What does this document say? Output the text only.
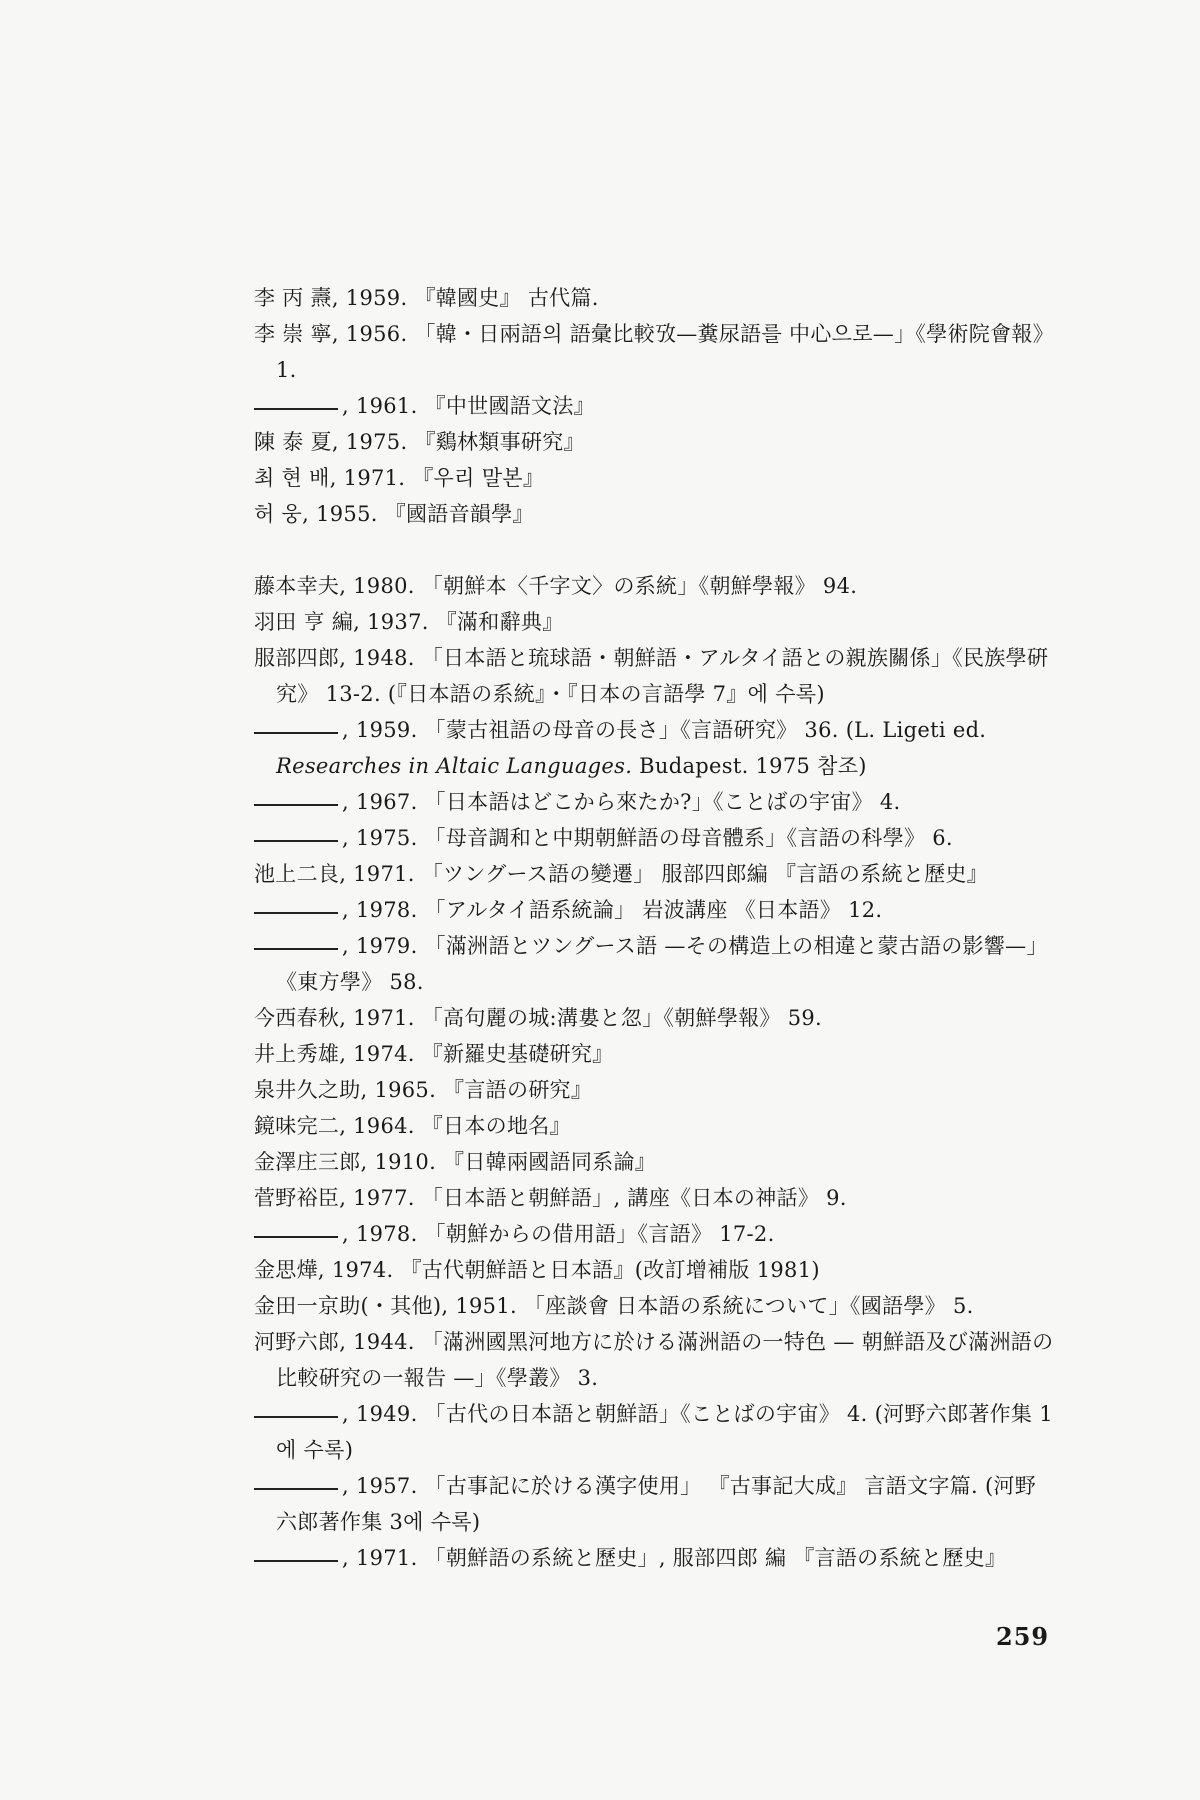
李 丙 燾, 1959. 『韓國史』 古代篇.
李 崇 寧, 1956. 「韓・日兩語의 語彙比較攷—糞尿語를 中心으로—」《學術院會報》 1.
, 1961. 『中世國語文法』
陳 泰 夏, 1975. 『鷄林類事硏究』
최 현 배, 1971. 『우리 말본』
허 웅, 1955. 『國語音韻學』
藤本幸夫, 1980. 「朝鮮本〈千字文〉の系統」《朝鮮學報》 94.
羽田 亨 編, 1937. 『滿和辭典』
服部四郎, 1948. 「日本語と琉球語・朝鮮語・アルタイ語との親族關係」《民族學硏究》 13-2. (『日本語の系統』・『日本の言語學 7』에 수록)
, 1959. 「蒙古祖語の母音の長さ」《言語硏究》 36. (L. Ligeti ed. Researches in Altaic Languages. Budapest. 1975 참조)
, 1967. 「日本語はどこから來たか?」《ことばの宇宙》 4.
, 1975. 「母音調和と中期朝鮮語の母音體系」《言語の科學》 6.
池上二良, 1971. 「ツングース語の變遷」 服部四郎編 『言語の系統と歷史』
, 1978. 「アルタイ語系統論」 岩波講座 《日本語》 12.
, 1979. 「滿洲語とツングース語 —その構造上の相違と蒙古語の影響—」《東方學》 58.
今西春秋, 1971. 「高句麗の城:溝婁と忽」《朝鮮學報》 59.
井上秀雄, 1974. 『新羅史基礎硏究』
泉井久之助, 1965. 『言語の硏究』
鏡味完二, 1964. 『日本の地名』
金澤庄三郎, 1910. 『日韓兩國語同系論』
菅野裕臣, 1977. 「日本語と朝鮮語」, 講座《日本の神話》 9.
, 1978. 「朝鮮からの借用語」《言語》 17-2.
金思燁, 1974. 『古代朝鮮語と日本語』(改訂增補版 1981)
金田一京助(・其他), 1951. 「座談會 日本語の系統について」《國語學》 5.
河野六郎, 1944. 「滿洲國黑河地方に於ける滿洲語の一特色 — 朝鮮語及び滿洲語の比較硏究の一報告 —」《學叢》 3.
, 1949. 「古代の日本語と朝鮮語」《ことばの宇宙》 4. (河野六郎著作集 1에 수록)
, 1957. 「古事記に於ける漢字使用」 『古事記大成』 言語文字篇. (河野六郎著作集 3에 수록)
, 1971. 「朝鮮語の系統と歷史」, 服部四郎 編 『言語の系統と歷史』
259
